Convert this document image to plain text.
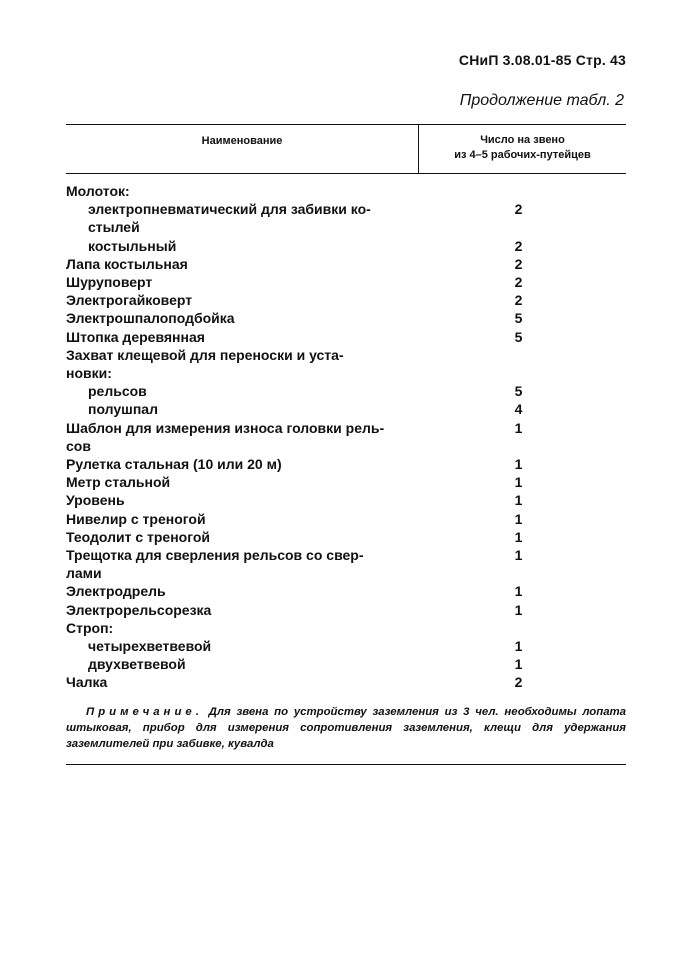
СНиП 3.08.01-85 Стр. 43
Продолжение табл. 2
Наименование	Число на звено
из 4–5 рабочих-путейцев
Молоток:
электропневматический для забивки ко-	2
стылей
костыльный	2
Лапа костыльная	2
Шуруповерт	2
Электрогайковерт	2
Электрошпалоподбойка	5
Штопка деревянная	5
Захват клещевой для переноски и уста-
новки:
рельсов	5
полушпал	4
Шаблон для измерения износа головки рель-	1
сов
Рулетка стальная (10 или 20 м)	1
Метр стальной	1
Уровень	1
Нивелир с треногой	1
Теодолит с треногой	1
Трещотка для сверления рельсов со свер-	1
лами
Электродрель	1
Электрорельсорезка	1
Строп:
четырехветвевой	1
двухветвевой	1
Чалка	2
Примечание. Для звена по устройству заземления из 3 чел. необходимы лопата штыковая, прибор для измерения сопротивления заземления, клещи для удержания заземлителей при забивке, кувалда
